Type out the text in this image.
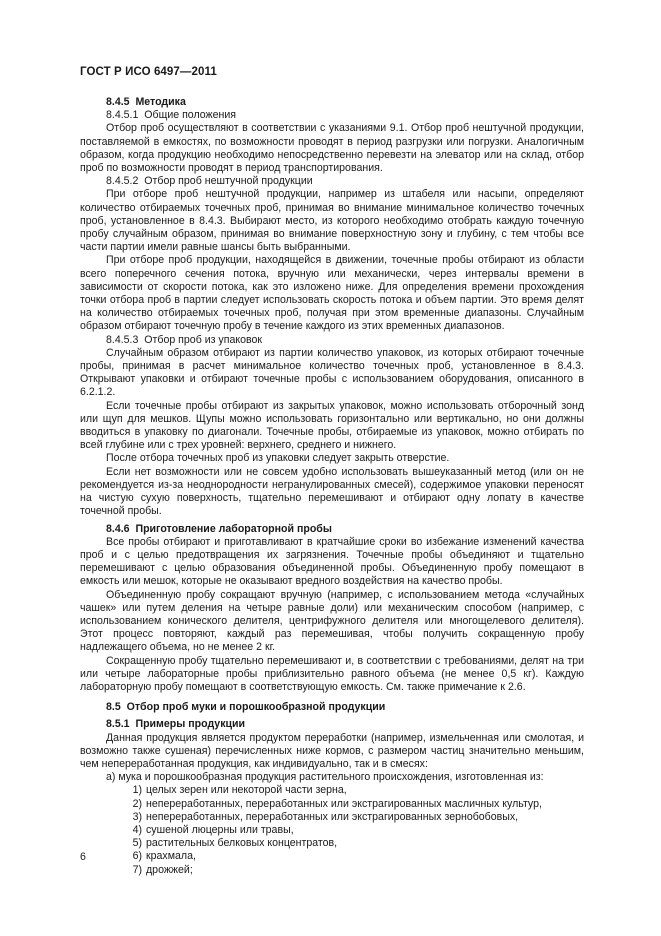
ГОСТ Р ИСО 6497—2011

8.4.5 Методика

8.4.5.1 Общие положения

Отбор проб осуществляют в соответствии с указаниями 9.1. Отбор проб нештучной продукции, поставляемой в емкостях, по возможности проводят в период разгрузки или погрузки. Аналогичным образом, когда продукцию необходимо непосредственно перевезти на элеватор или на склад, отбор проб по возможности проводят в период транспортирования.

8.4.5.2 Отбор проб нештучной продукции

При отборе проб нештучной продукции, например из штабеля или насыпи, определяют количество отбираемых точечных проб, принимая во внимание минимальное количество точечных проб, установленное в 8.4.3. Выбирают место, из которого необходимо отобрать каждую точечную пробу случайным образом, принимая во внимание поверхностную зону и глубину, с тем чтобы все части партии имели равные шансы быть выбранными.

При отборе проб продукции, находящейся в движении, точечные пробы отбирают из области всего поперечного сечения потока, вручную или механически, через интервалы времени в зависимости от скорости потока, как это изложено ниже. Для определения времени прохождения точки отбора проб в партии следует использовать скорость потока и объем партии. Это время делят на количество отбираемых точечных проб, получая при этом временные диапазоны. Случайным образом отбирают точечную пробу в течение каждого из этих временных диапазонов.

8.4.5.3 Отбор проб из упаковок

Случайным образом отбирают из партии количество упаковок, из которых отбирают точечные пробы, принимая в расчет минимальное количество точечных проб, установленное в 8.4.3. Открывают упаковки и отбирают точечные пробы с использованием оборудования, описанного в 6.2.1.2.

Если точечные пробы отбирают из закрытых упаковок, можно использовать отборочный зонд или щуп для мешков. Щупы можно использовать горизонтально или вертикально, но они должны вводиться в упаковку по диагонали. Точечные пробы, отбираемые из упаковок, можно отбирать по всей глубине или с трех уровней: верхнего, среднего и нижнего.

После отбора точечных проб из упаковки следует закрыть отверстие.

Если нет возможности или не совсем удобно использовать вышеуказанный метод (или он не рекомендуется из-за неоднородности негранулированных смесей), содержимое упаковки переносят на чистую сухую поверхность, тщательно перемешивают и отбирают одну лопату в качестве точечной пробы.

8.4.6 Приготовление лабораторной пробы

Все пробы отбирают и приготавливают в кратчайшие сроки во избежание изменений качества проб и с целью предотвращения их загрязнения. Точечные пробы объединяют и тщательно перемешивают с целью образования объединенной пробы. Объединенную пробу помещают в емкость или мешок, которые не оказывают вредного воздействия на качество пробы.

Объединенную пробу сокращают вручную (например, с использованием метода «случайных чашек» или путем деления на четыре равные доли) или механическим способом (например, с использованием конического делителя, центрифужного делителя или многощелевого делителя). Этот процесс повторяют, каждый раз перемешивая, чтобы получить сокращенную пробу надлежащего объема, но не менее 2 кг.

Сокращенную пробу тщательно перемешивают и, в соответствии с требованиями, делят на три или четыре лабораторные пробы приблизительно равного объема (не менее 0,5 кг). Каждую лабораторную пробу помещают в соответствующую емкость. См. также примечание к 2.6.

8.5 Отбор проб муки и порошкообразной продукции

8.5.1 Примеры продукции

Данная продукция является продуктом переработки (например, измельченная или смолотая, и возможно также сушеная) перечисленных ниже кормов, с размером частиц значительно меньшим, чем непереработанная продукция, как индивидуально, так и в смесях:

а) мука и порошкообразная продукция растительного происхождения, изготовленная из:

1) целых зерен или некоторой части зерна,

2) непереработанных, переработанных или экстрагированных масличных культур,

3) непереработанных, переработанных или экстрагированных зернобобовых,

4) сушеной люцерны или травы,

5) растительных белковых концентратов,

6) крахмала,

7) дрожжей;

6
